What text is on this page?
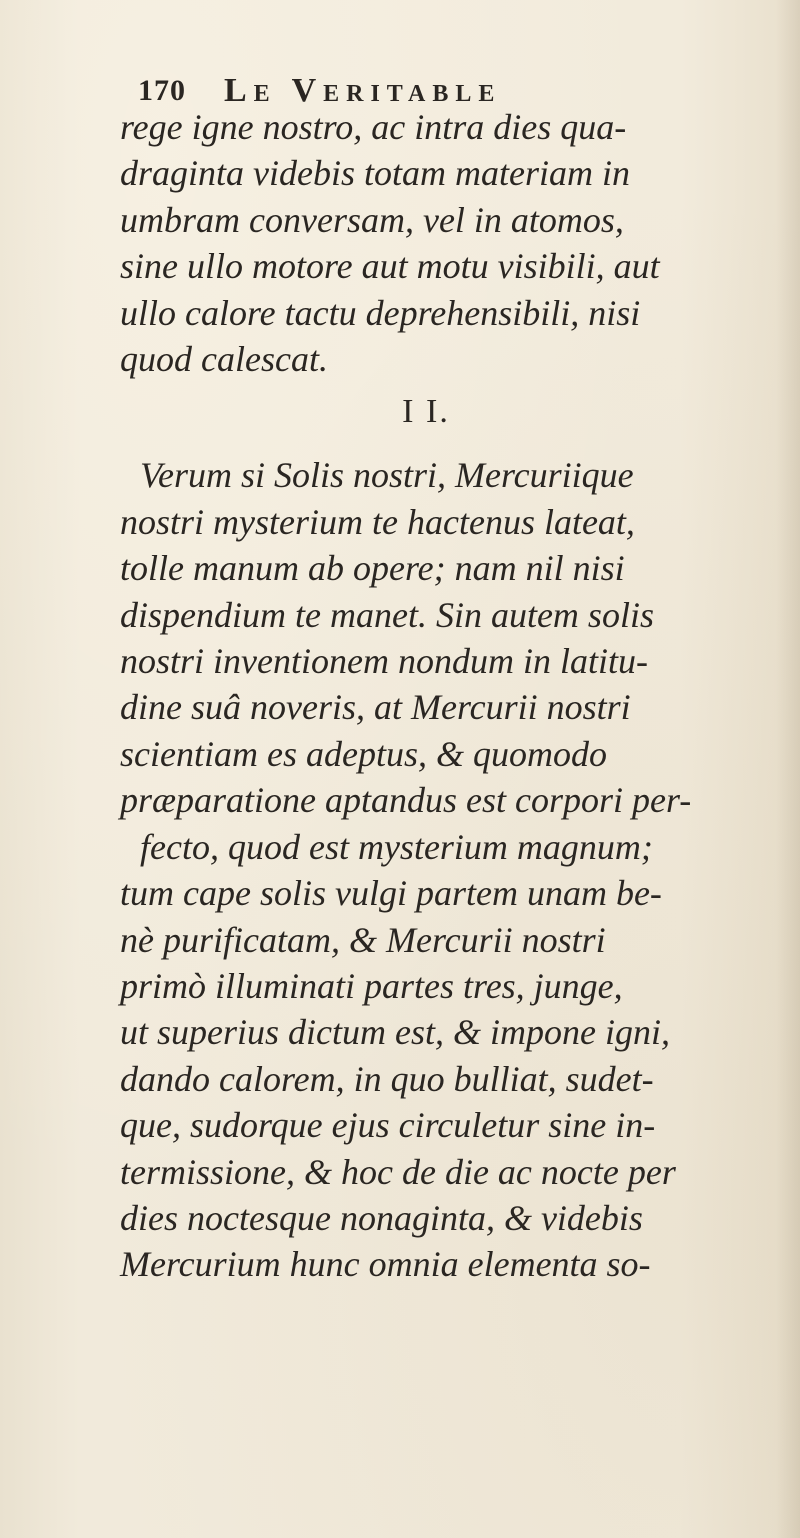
170 Le Veritable

rege igne nostro, ac intra dies qua-

draginta videbis totam materiam in

umbram conversam, vel in atomos,

sine ullo motore aut motu visibili, aut

ullo calore tactu deprehensibili, nisi

quod calescat.

I I.

Verum si Solis nostri, Mercuriique

nostri mysterium te hactenus lateat,

tolle manum ab opere; nam nil nisi

dispendium te manet. Sin autem solis

nostri inventionem nondum in latitu-

dine suâ noveris, at Mercurii nostri

scientiam es adeptus, & quomodo

præparatione aptandus est corpori per-

fecto, quod est mysterium magnum;

tum cape solis vulgi partem unam be-

nè purificatam, & Mercurii nostri

primò illuminati partes tres, junge,

ut superius dictum est, & impone igni,

dando calorem, in quo bulliat, sudet-

que, sudorque ejus circuletur sine in-

termissione, & hoc de die ac nocte per

dies noctesque nonaginta, & videbis

Mercurium hunc omnia elementa so-
